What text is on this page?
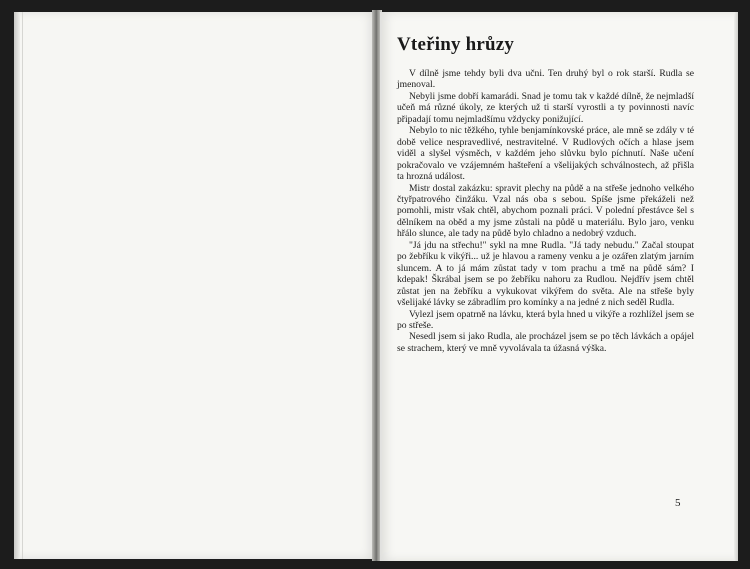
Vteřiny hrůzy

V dílně jsme tehdy byli dva učni. Ten druhý byl o rok starší. Rudla se jmenoval.

Nebyli jsme dobří kamarádi. Snad je tomu tak v každé dílně, že nejmladší učeň má různé úkoly, ze kterých už ti starší vyrostli a ty povinnosti navíc připadají tomu nejmladšímu vždycky ponižující.

Nebylo to nic těžkého, tyhle benjamínkovské práce, ale mně se zdály v té době velice nespravedlivé, nestravitelné. V Rudlových očích a hlase jsem viděl a slyšel výsměch, v každém jeho slůvku bylo píchnutí. Naše učení pokračovalo ve vzájemném hašteření a všelijakých schválnostech, až přišla ta hrozná událost.

Mistr dostal zakázku: spravit plechy na půdě a na střeše jednoho velkého čtyřpatrového činžáku. Vzal nás oba s sebou. Spíše jsme překáželi než pomohli, mistr však chtěl, abychom poznali práci. V polední přestávce šel s dělníkem na oběd a my jsme zůstali na půdě u materiálu. Bylo jaro, venku hřálo slunce, ale tady na půdě bylo chladno a nedobrý vzduch.

"Já jdu na střechu!" sykl na mne Rudla. "Já tady nebudu." Začal stoupat po žebříku k vikýři... už je hlavou a rameny venku a je ozářen zlatým jarním sluncem. A to já mám zůstat tady v tom prachu a tmě na půdě sám? I kdepak! Škrábal jsem se po žebříku nahoru za Rudlou. Nejdřív jsem chtěl zůstat jen na žebříku a vykukovat vikýřem do světa. Ale na střeše byly všelijaké lávky se zábradlím pro komínky a na jedné z nich seděl Rudla.

Vylezl jsem opatrně na lávku, která byla hned u vikýře a rozhlížel jsem se po střeše.

Nesedl jsem si jako Rudla, ale procházel jsem se po těch lávkách a opájel se strachem, který ve mně vyvolávala ta úžasná výška.

5
